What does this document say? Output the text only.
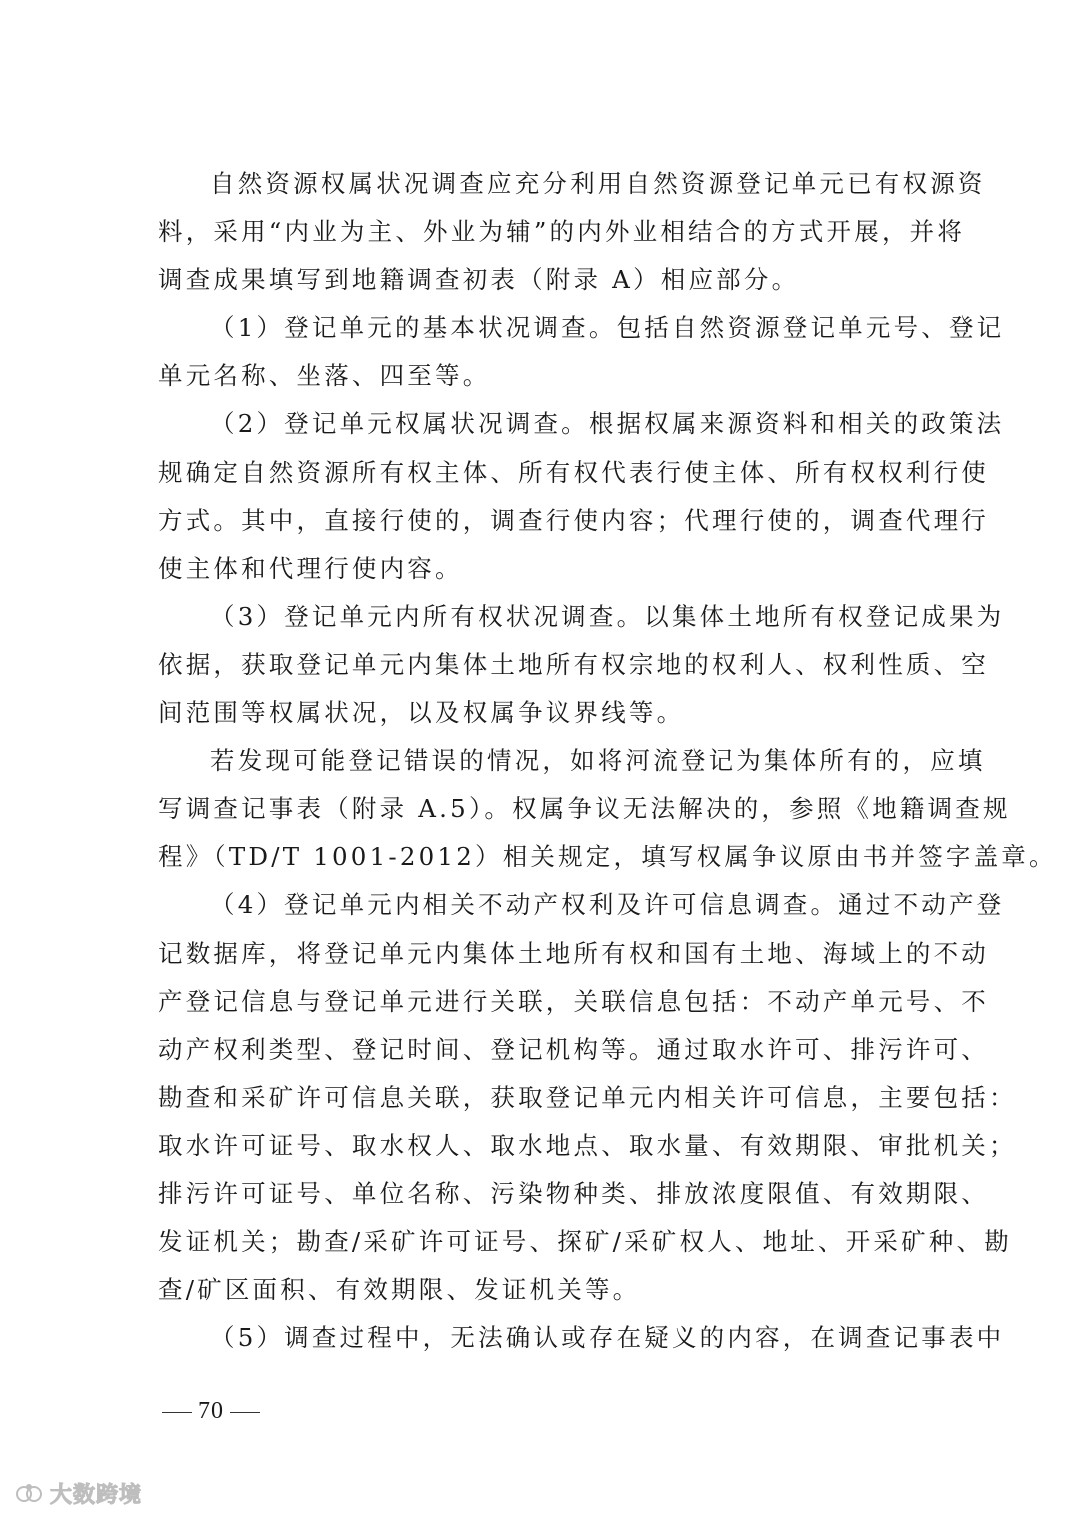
自然资源权属状况调查应充分利用自然资源登记单元已有权源资
料，采用“内业为主、外业为辅”的内外业相结合的方式开展，并将
调查成果填写到地籍调查初表（附录 A）相应部分。
（1）登记单元的基本状况调查。包括自然资源登记单元号、登记
单元名称、坐落、四至等。
（2）登记单元权属状况调查。根据权属来源资料和相关的政策法
规确定自然资源所有权主体、所有权代表行使主体、所有权权利行使
方式。其中，直接行使的，调查行使内容；代理行使的，调查代理行
使主体和代理行使内容。
（3）登记单元内所有权状况调查。以集体土地所有权登记成果为
依据，获取登记单元内集体土地所有权宗地的权利人、权利性质、空
间范围等权属状况，以及权属争议界线等。
若发现可能登记错误的情况，如将河流登记为集体所有的，应填
写调查记事表（附录 A.5）。权属争议无法解决的，参照《地籍调查规
程》（TD/T 1001-2012）相关规定，填写权属争议原由书并签字盖章。
（4）登记单元内相关不动产权利及许可信息调查。通过不动产登
记数据库，将登记单元内集体土地所有权和国有土地、海域上的不动
产登记信息与登记单元进行关联，关联信息包括：不动产单元号、不
动产权利类型、登记时间、登记机构等。通过取水许可、排污许可、
勘查和采矿许可信息关联，获取登记单元内相关许可信息，主要包括：
取水许可证号、取水权人、取水地点、取水量、有效期限、审批机关；
排污许可证号、单位名称、污染物种类、排放浓度限值、有效期限、
发证机关；勘查/采矿许可证号、探矿/采矿权人、地址、开采矿种、勘
查/矿区面积、有效期限、发证机关等。
（5）调查过程中，无法确认或存在疑义的内容，在调查记事表中
70
大数跨境
